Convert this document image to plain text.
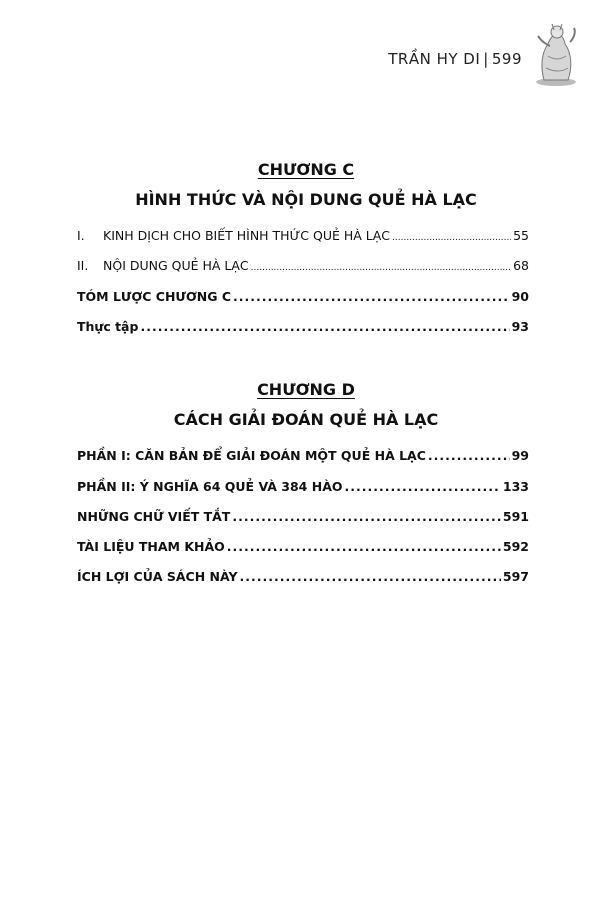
TRẦN HY DI | 599
CHƯƠNG C
HÌNH THỨC VÀ NỘI DUNG QUẺ HÀ LẠC
I.	KINH DỊCH CHO BIẾT HÌNH THỨC QUẺ HÀ LẠC .....	55
II.	NỘI DUNG QUẺ HÀ LẠC .....	68
TÓM LƯỢC CHƯƠNG C .....	90
Thực tập .....	93
CHƯƠNG D
CÁCH GIẢI ĐOÁN QUẺ HÀ LẠC
PHẦN I: CĂN BẢN ĐỂ GIẢI ĐOÁN MỘT QUẺ HÀ LẠC .....	99
PHẦN II: Ý NGHĨA 64 QUẺ VÀ 384 HÀO .....	133
NHỮNG CHỮ VIẾT TẮT .....	591
TÀI LIỆU THAM KHẢO .....	592
ÍCH LỢI CỦA SÁCH NÀY .....	597
